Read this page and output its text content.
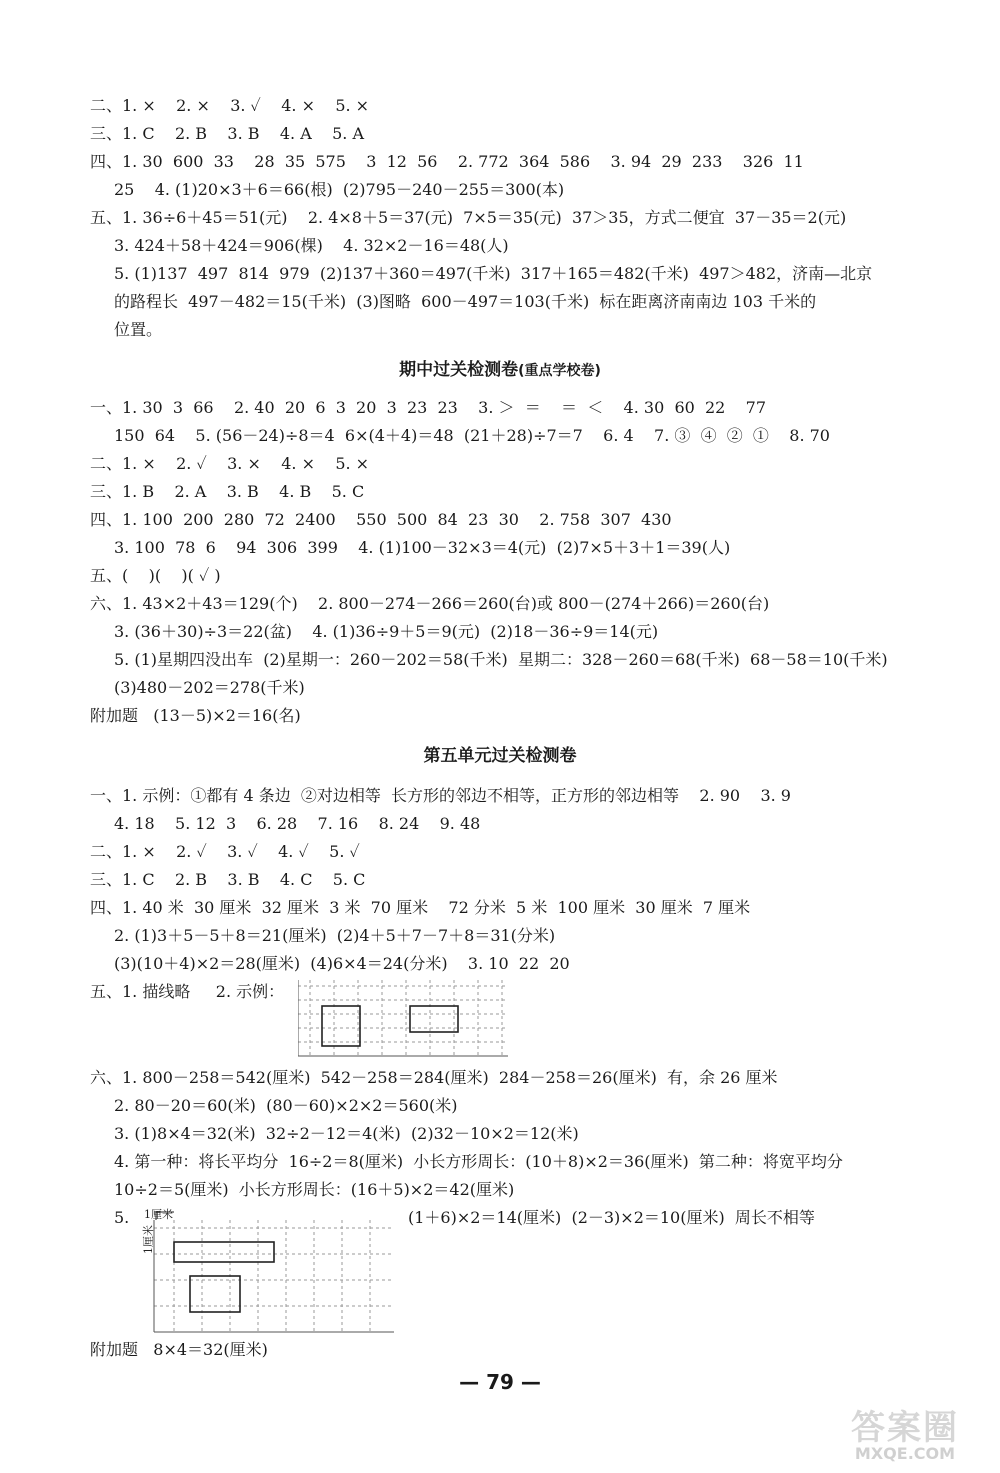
二、1. ×    2. ×    3. ✓    4. ×    5. ×
三、1. C    2. B    3. B    4. A    5. A
四、1. 30  600  33    28  35  575    3  12  56    2. 772  364  586    3. 94  29  233    326  11
25    4. (1)20×3＋6＝66(根)  (2)795－240－255＝300(本)
五、1. 36÷6＋45＝51(元)    2. 4×8＋5＝37(元)  7×5＝35(元)  37＞35，方式二便宜  37－35＝2(元)
3. 424＋58＋424＝906(棵)    4. 32×2－16＝48(人)
5. (1)137  497  814  979  (2)137＋360＝497(千米)  317＋165＝482(千米)  497＞482，济南—北京
的路程长  497－482＝15(千米)  (3)图略  600－497＝103(千米)  标在距离济南南边 103 千米的
位置。
期中过关检测卷(重点学校卷)
一、1. 30  3  66    2. 40  20  6  3  20  3  23  23    3. ＞  ＝    ＝  ＜    4. 30  60  22    77
150  64    5. (56－24)÷8＝4  6×(4＋4)＝48  (21＋28)÷7＝7    6. 4    7. ③  ④  ②  ①    8. 70
二、1. ×    2. ✓    3. ×    4. ×    5. ×
三、1. B    2. A    3. B    4. B    5. C
四、1. 100  200  280  72  2400    550  500  84  23  30    2. 758  307  430
3. 100  78  6    94  306  399    4. (1)100－32×3＝4(元)  (2)7×5＋3＋1＝39(人)
五、(    )(    )( ✓ )
六、1. 43×2＋43＝129(个)    2. 800－274－266＝260(台)或 800－(274＋266)＝260(台)
3. (36＋30)÷3＝22(盆)    4. (1)36÷9＋5＝9(元)  (2)18－36÷9＝14(元)
5. (1)星期四没出车  (2)星期一：260－202＝58(千米)  星期二：328－260＝68(千米)  68－58＝10(千米)
(3)480－202＝278(千米)
附加题   (13－5)×2＝16(名)
第五单元过关检测卷
一、1. 示例：①都有 4 条边  ②对边相等  长方形的邻边不相等，正方形的邻边相等    2. 90    3. 9
4. 18    5. 12  3    6. 28    7. 16    8. 24    9. 48
二、1. ×    2. ✓    3. ✓    4. ✓    5. ✓
三、1. C    2. B    3. B    4. C    5. C
四、1. 40 米  30 厘米  32 厘米  3 米  70 厘米    72 分米  5 米  100 厘米  30 厘米  7 厘米
2. (1)3＋5－5＋8＝21(厘米)  (2)4＋5＋7－7＋8＝31(分米)
(3)(10＋4)×2＝28(厘米)  (4)6×4＝24(分米)    3. 10  22  20
五、1. 描线略     2. 示例：
六、1. 800－258＝542(厘米)  542－258＝284(厘米)  284－258＝26(厘米)  有，余 26 厘米
2. 80－20＝60(米)  (80－60)×2×2＝560(米)
3. (1)8×4＝32(米)  32÷2－12＝4(米)  (2)32－10×2＝12(米)
4. 第一种：将长平均分  16÷2＝8(厘米)  小长方形周长：(10＋8)×2＝36(厘米)  第二种：将宽平均分
10÷2＝5(厘米)  小长方形周长：(16＋5)×2＝42(厘米)
5.	(1＋6)×2＝14(厘米)  (2－3)×2＝10(厘米)  周长不相等
1厘米
1厘米
附加题   8×4＝32(厘米)
— 79 —
答案圈
MXQE.COM
